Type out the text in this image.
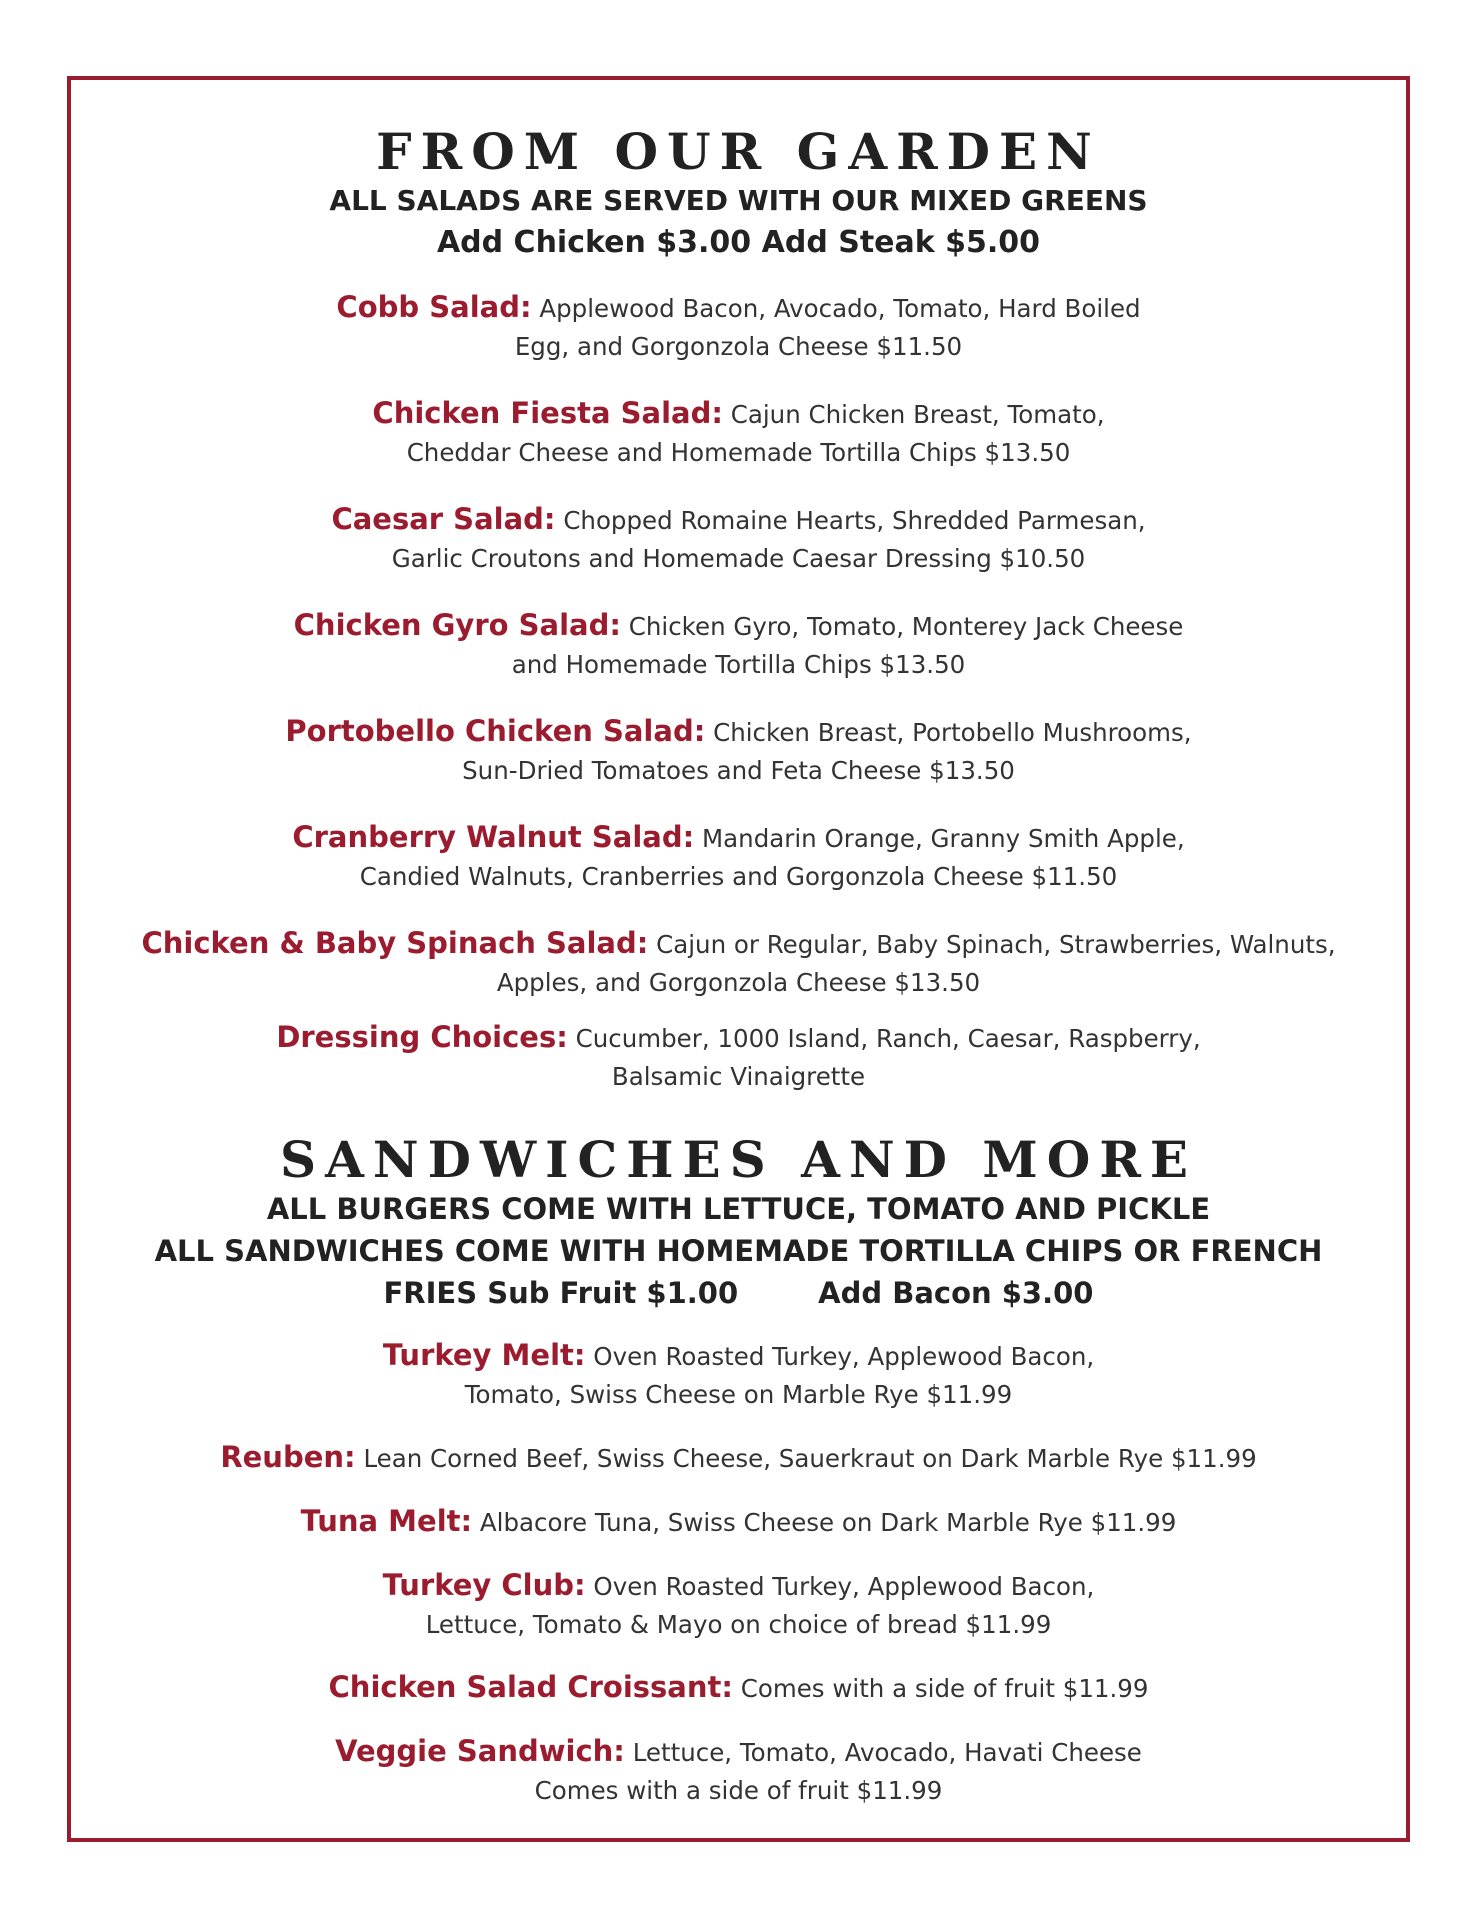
FROM OUR GARDEN

ALL SALADS ARE SERVED WITH OUR MIXED GREENS

Add Chicken $3.00 Add Steak $5.00

Cobb Salad: Applewood Bacon, Avocado, Tomato, Hard Boiled
Egg, and Gorgonzola Cheese $11.50

Chicken Fiesta Salad: Cajun Chicken Breast, Tomato,
Cheddar Cheese and Homemade Tortilla Chips $13.50

Caesar Salad: Chopped Romaine Hearts, Shredded Parmesan,
Garlic Croutons and Homemade Caesar Dressing $10.50

Chicken Gyro Salad: Chicken Gyro, Tomato, Monterey Jack Cheese
and Homemade Tortilla Chips $13.50

Portobello Chicken Salad: Chicken Breast, Portobello Mushrooms,
Sun-Dried Tomatoes and Feta Cheese $13.50

Cranberry Walnut Salad: Mandarin Orange, Granny Smith Apple,
Candied Walnuts, Cranberries and Gorgonzola Cheese $11.50

Chicken & Baby Spinach Salad: Cajun or Regular, Baby Spinach, Strawberries, Walnuts,
Apples, and Gorgonzola Cheese $13.50

Dressing Choices: Cucumber, 1000 Island, Ranch, Caesar, Raspberry,
Balsamic Vinaigrette

SANDWICHES AND MORE

ALL BURGERS COME WITH LETTUCE, TOMATO AND PICKLE

ALL SANDWICHES COME WITH HOMEMADE TORTILLA CHIPS OR FRENCH

FRIES Sub Fruit $1.00	Add Bacon $3.00

Turkey Melt: Oven Roasted Turkey, Applewood Bacon,
Tomato, Swiss Cheese on Marble Rye $11.99

Reuben: Lean Corned Beef, Swiss Cheese, Sauerkraut on Dark Marble Rye $11.99

Tuna Melt: Albacore Tuna, Swiss Cheese on Dark Marble Rye $11.99

Turkey Club: Oven Roasted Turkey, Applewood Bacon,
Lettuce, Tomato & Mayo on choice of bread $11.99

Chicken Salad Croissant: Comes with a side of fruit $11.99

Veggie Sandwich: Lettuce, Tomato, Avocado, Havati Cheese
Comes with a side of fruit $11.99
